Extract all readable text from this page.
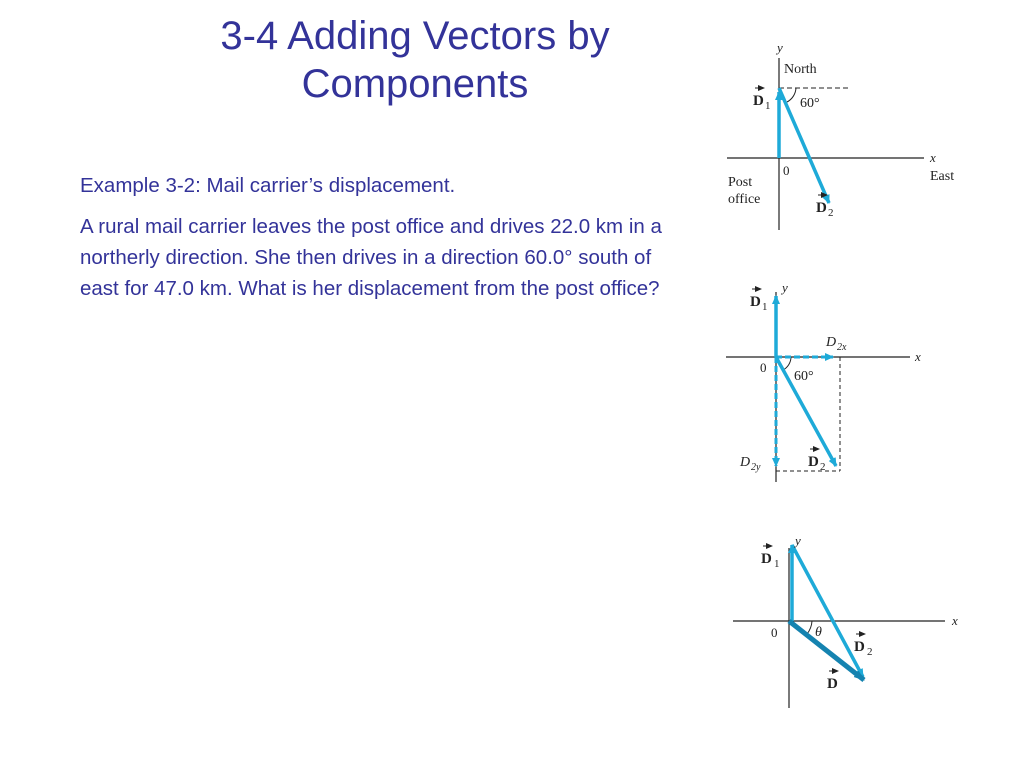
3-4 Adding Vectors by
Components

Example 3-2: Mail carrier’s displacement.

A rural mail carrier leaves the post office and drives 22.0 km in a northerly direction. She then drives in a direction 60.0° south of east for 47.0 km. What is her displacement from the post office?

y
North
x
East
0
Post
office
60°
D 1
D 2
y
x
0
60°
D 1
D 2x
D 2y	D 2
y
x
0	θ
D 1
D 2
D
